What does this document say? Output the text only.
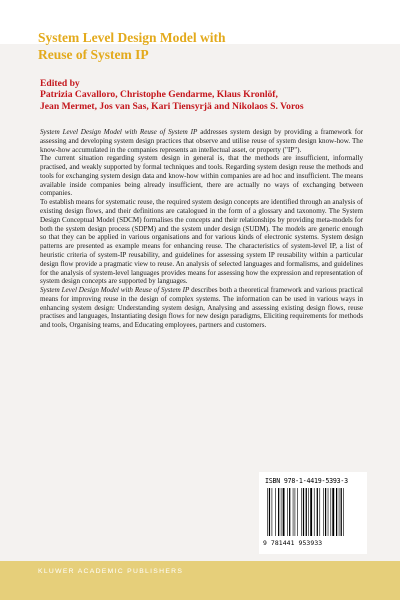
System Level Design Model with
Reuse of System IP
Edited by
Patrizia Cavalloro, Christophe Gendarme, Klaus Kronlöf,
Jean Mermet, Jos van Sas, Kari Tiensyrjä and Nikolaos S. Voros

System Level Design Model with Reuse of System IP addresses system design by providing a framework for assessing and developing system design practices that observe and utilise reuse of system design know-how. The know-how accumulated in the companies represents an intellectual asset, or property ("IP").

The current situation regarding system design in general is, that the methods are insufficient, informally practised, and weakly supported by formal techniques and tools. Regarding system design reuse the methods and tools for exchanging system design data and know-how within companies are ad hoc and insufficient. The means available inside companies being already insufficient, there are actually no ways of exchanging between companies.

To establish means for systematic reuse, the required system design concepts are identified through an analysis of existing design flows, and their definitions are catalogued in the form of a glossary and taxonomy. The System Design Conceptual Model (SDCM) formalises the concepts and their relationships by providing meta-models for both the system design process (SDPM) and the system under design (SUDM). The models are generic enough so that they can be applied in various organisations and for various kinds of electronic systems. System design patterns are presented as example means for enhancing reuse. The characteristics of system-level IP, a list of heuristic criteria of system-IP reusability, and guidelines for assessing system IP reusability within a particular design flow provide a pragmatic view to reuse. An analysis of selected languages and formalisms, and guidelines for the analysis of system-level languages provides means for assessing how the expression and representation of system design concepts are supported by languages.

System Level Design Model with Reuse of System IP describes both a theoretical framework and various practical means for improving reuse in the design of complex systems. The information can be used in various ways in enhancing system design: Understanding system design, Analysing and assessing existing design flows, reuse practises and languages, Instantiating design flows for new design paradigms, Eliciting requirements for methods and tools, Organising teams, and Educating employees, partners and customers.

ISBN 978-1-4419-5393-3
9 781441 953933
KLUWER ACADEMIC PUBLISHERS
